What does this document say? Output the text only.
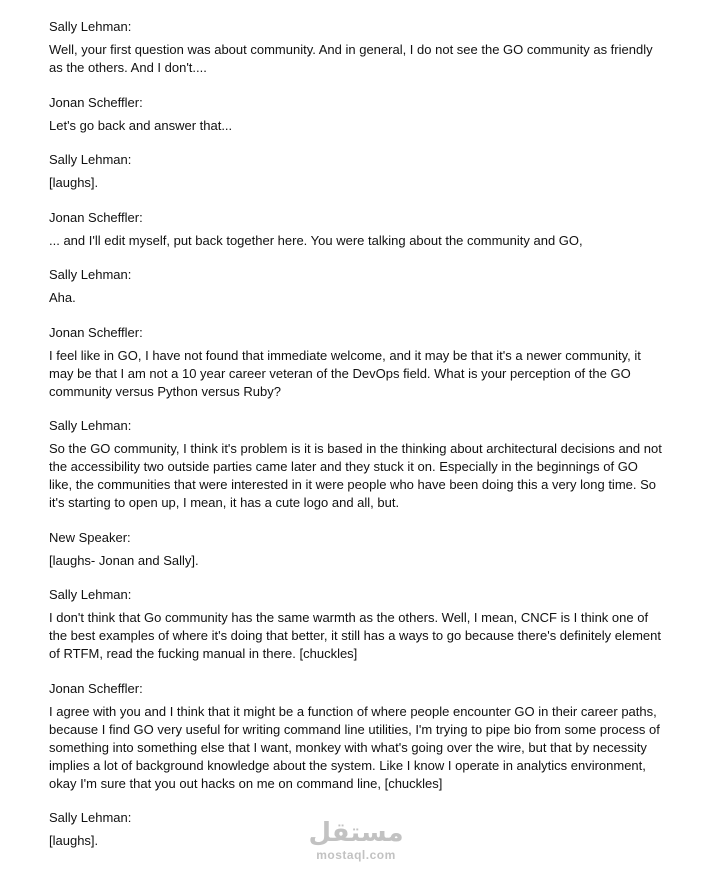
Sally Lehman:
Well, your first question was about community. And in general, I do not see the GO community as friendly as the others. And I don't....
Jonan Scheffler:
Let's go back and answer that...
Sally Lehman:
[laughs].
Jonan Scheffler:
... and I'll edit myself, put back together here. You were talking about the community and GO,
Sally Lehman:
Aha.
Jonan Scheffler:
I feel like in GO, I have not found that immediate welcome, and it may be that it's a newer community, it may be that I am not a 10 year career veteran of the DevOps field. What is your perception of the GO community versus Python versus Ruby?
Sally Lehman:
So the GO community, I think it's problem is it is based in the thinking about architectural decisions and not the accessibility two outside parties came later and they stuck it on. Especially in the beginnings of GO like, the communities that were interested in it were people who have been doing this a very long time. So it's starting to open up, I mean, it has a cute logo and all, but.
New Speaker:
[laughs- Jonan and Sally].
Sally Lehman:
I don't think that Go community has the same warmth as the others. Well, I mean, CNCF is I think one of the best examples of where it's doing that better, it still has a ways to go because there's definitely element of RTFM, read the fucking manual in there. [chuckles]
Jonan Scheffler:
I agree with you and I think that it might be a function of where people encounter GO in their career paths, because I find GO very useful for writing command line utilities, I'm trying to pipe bio from some process of something into something else that I want, monkey with what's going over the wire, but that by necessity implies a lot of background knowledge about the system. Like I know I operate in analytics environment, okay I'm sure that you out hacks on me on command line, [chuckles]
Sally Lehman:
[laughs].	مستقل
mostaql.com
